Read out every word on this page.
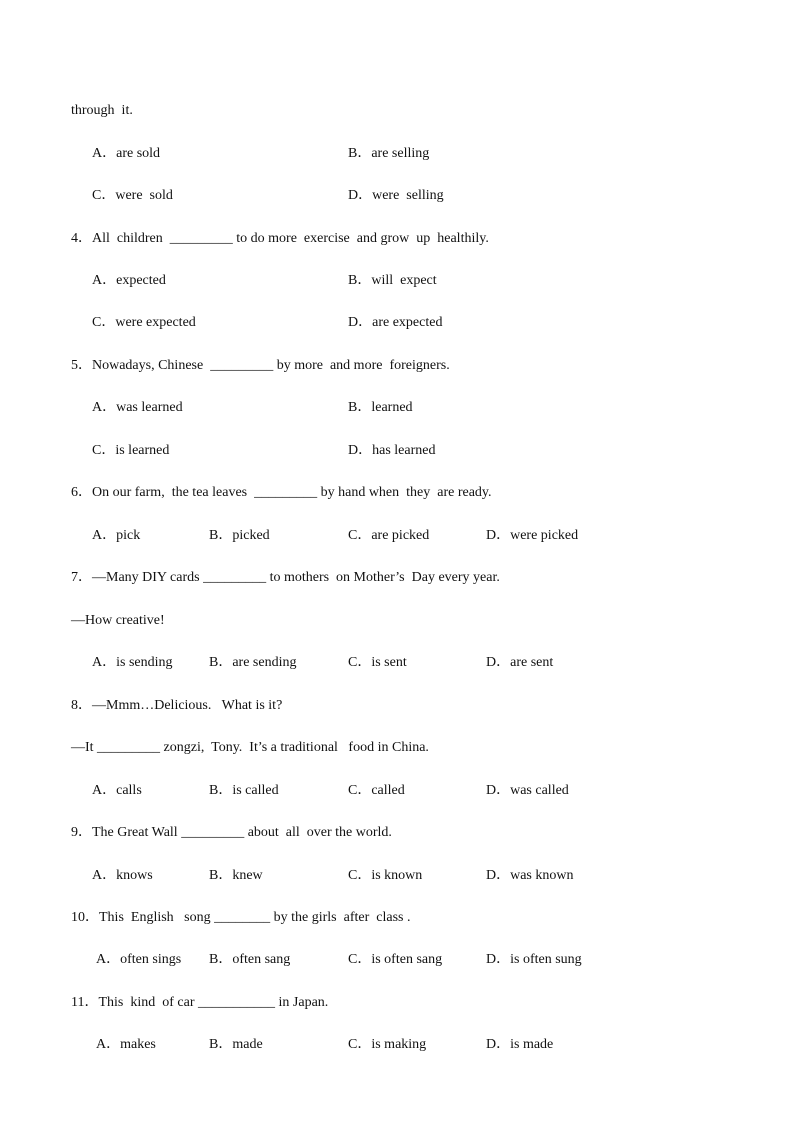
through  it.
A．are sold	B．are selling
C．were  sold	D．were  selling
4．All  children  _________ to do more  exercise  and grow  up  healthily.
A．expected	B．will  expect
C．were expected	D．are expected
5．Nowadays, Chinese  _________ by more  and more  foreigners.
A．was learned	B．learned
C．is learned	D．has learned
6．On our farm,  the tea leaves  _________ by hand when  they  are ready.
A．pick	B．picked	C．are picked	D．were picked
7．—Many DIY cards _________ to mothers  on Mother’s  Day every year.
—How creative!
A．is sending	B．are sending	C．is sent	D．are sent
8．—Mmm…Delicious.   What is it?
—It _________ zongzi,  Tony.  It’s a traditional   food in China.
A．calls	B．is called	C．called	D．was called
9．The Great Wall _________ about  all  over the world.
A．knows	B．knew	C．is known	D．was known
10．This  English   song ________ by the girls  after  class .
A．often sings B．often sang	C．is often sang	D．is often sung
11．This  kind  of car ___________ in Japan.
A．makes	B．made	C．is making	D．is made
